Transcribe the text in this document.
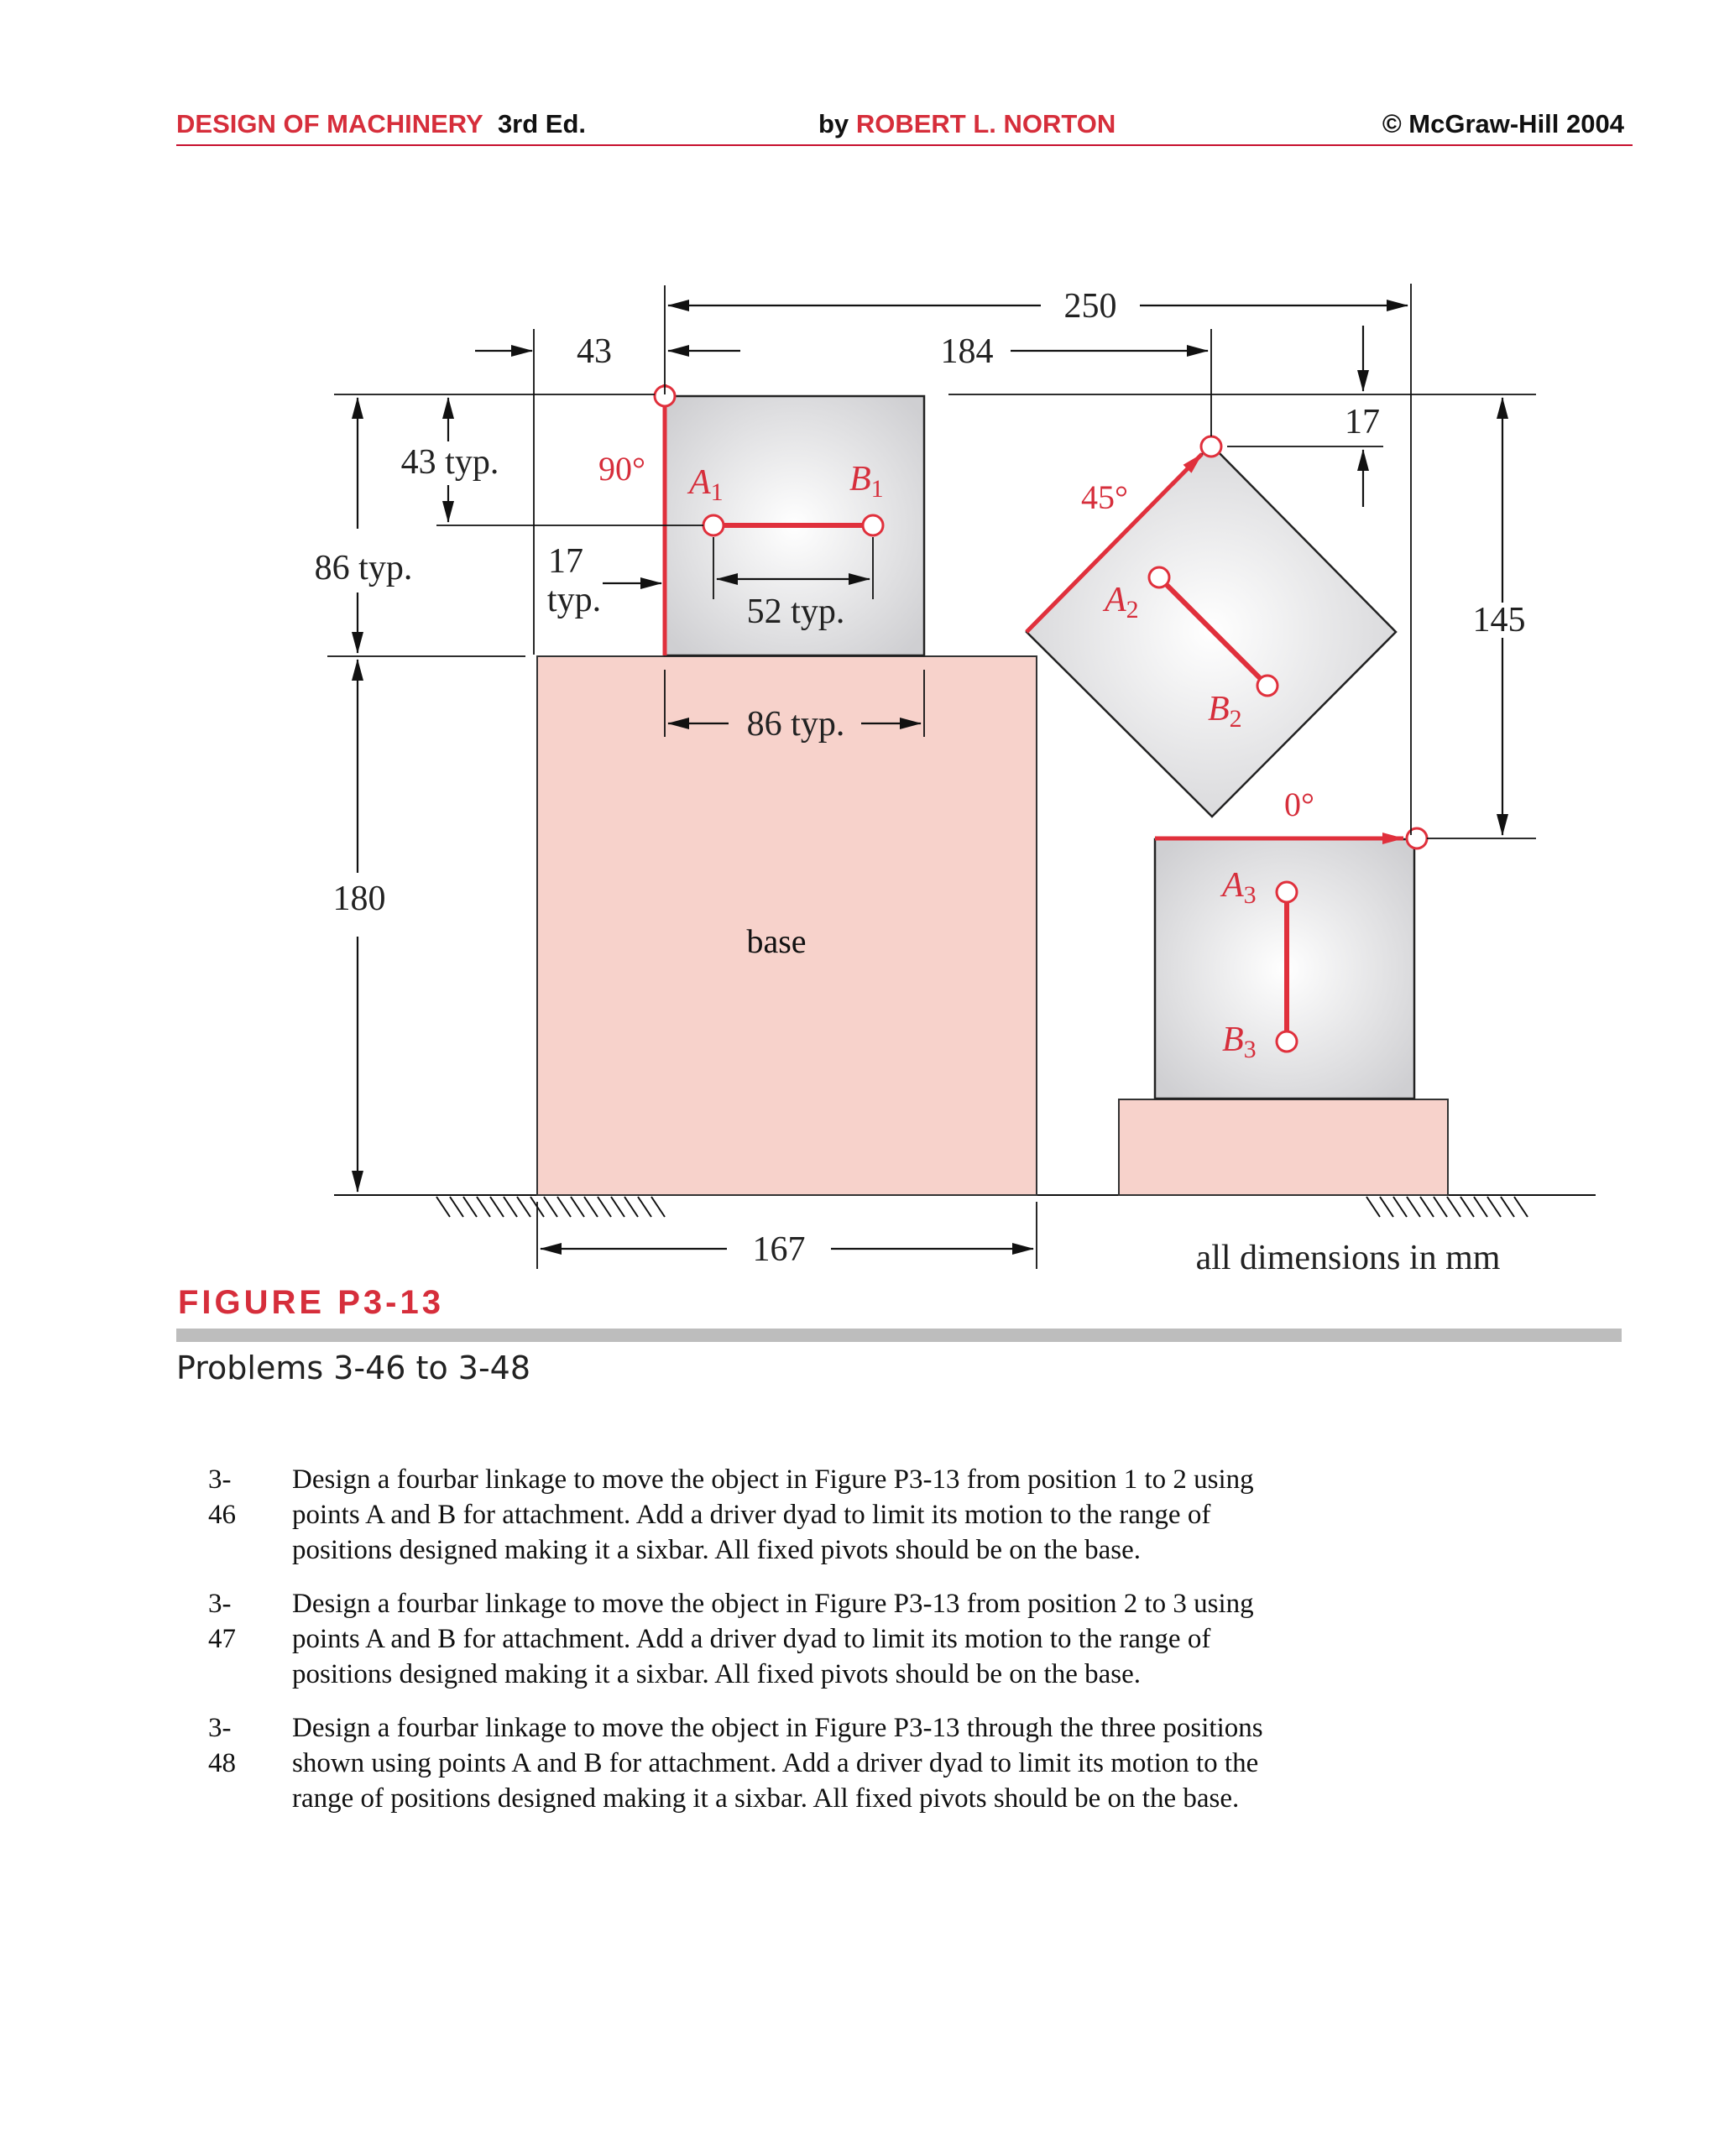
DESIGN OF MACHINERY 3rd Ed.	by ROBERT L. NORTON	© McGraw-Hill 2004
base
A1	B1
A2
B2
A3
B3
90°
45°
0°
250
43	184
17
43 typ.
86 typ.	17
typ.	52 typ.
86 typ.
180
145
167	all dimensions in mm
FIGURE P3-13
Problems 3-46 to 3-48
3-46
Design a fourbar linkage to move the object in Figure P3-13 from position 1 to 2 using
points A and B for attachment. Add a driver dyad to limit its motion to the range of
positions designed making it a sixbar. All fixed pivots should be on the base.
3-47
Design a fourbar linkage to move the object in Figure P3-13 from position 2 to 3 using
points A and B for attachment. Add a driver dyad to limit its motion to the range of
positions designed making it a sixbar. All fixed pivots should be on the base.
3-48
Design a fourbar linkage to move the object in Figure P3-13 through the three positions
shown using points A and B for attachment. Add a driver dyad to limit its motion to the
range of positions designed making it a sixbar. All fixed pivots should be on the base.
